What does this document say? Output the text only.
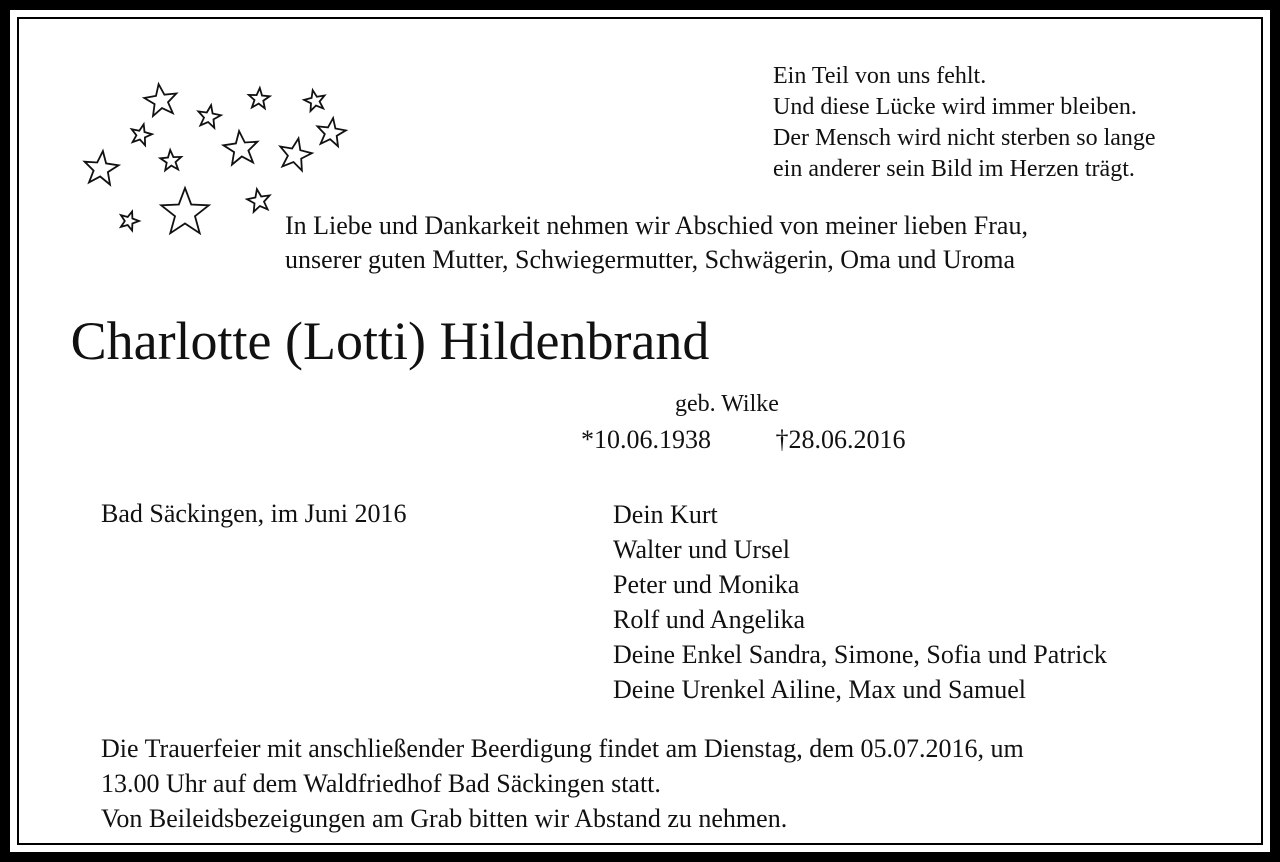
Ein Teil von uns fehlt.
Und diese Lücke wird immer bleiben.
Der Mensch wird nicht sterben so lange
ein anderer sein Bild im Herzen trägt.
In Liebe und Dankarkeit nehmen wir Abschied von meiner lieben Frau,
unserer guten Mutter, Schwiegermutter, Schwägerin, Oma und Uroma
Charlotte (Lotti) Hildenbrand
geb. Wilke
*10.06.1938 †28.06.2016
Bad Säckingen, im Juni 2016	Dein Kurt
Walter und Ursel
Peter und Monika
Rolf und Angelika
Deine Enkel Sandra, Simone, Sofia und Patrick
Deine Urenkel Ailine, Max und Samuel
Die Trauerfeier mit anschließender Beerdigung findet am Dienstag, dem 05.07.2016, um
13.00 Uhr auf dem Waldfriedhof Bad Säckingen statt.
Von Beileidsbezeigungen am Grab bitten wir Abstand zu nehmen.
